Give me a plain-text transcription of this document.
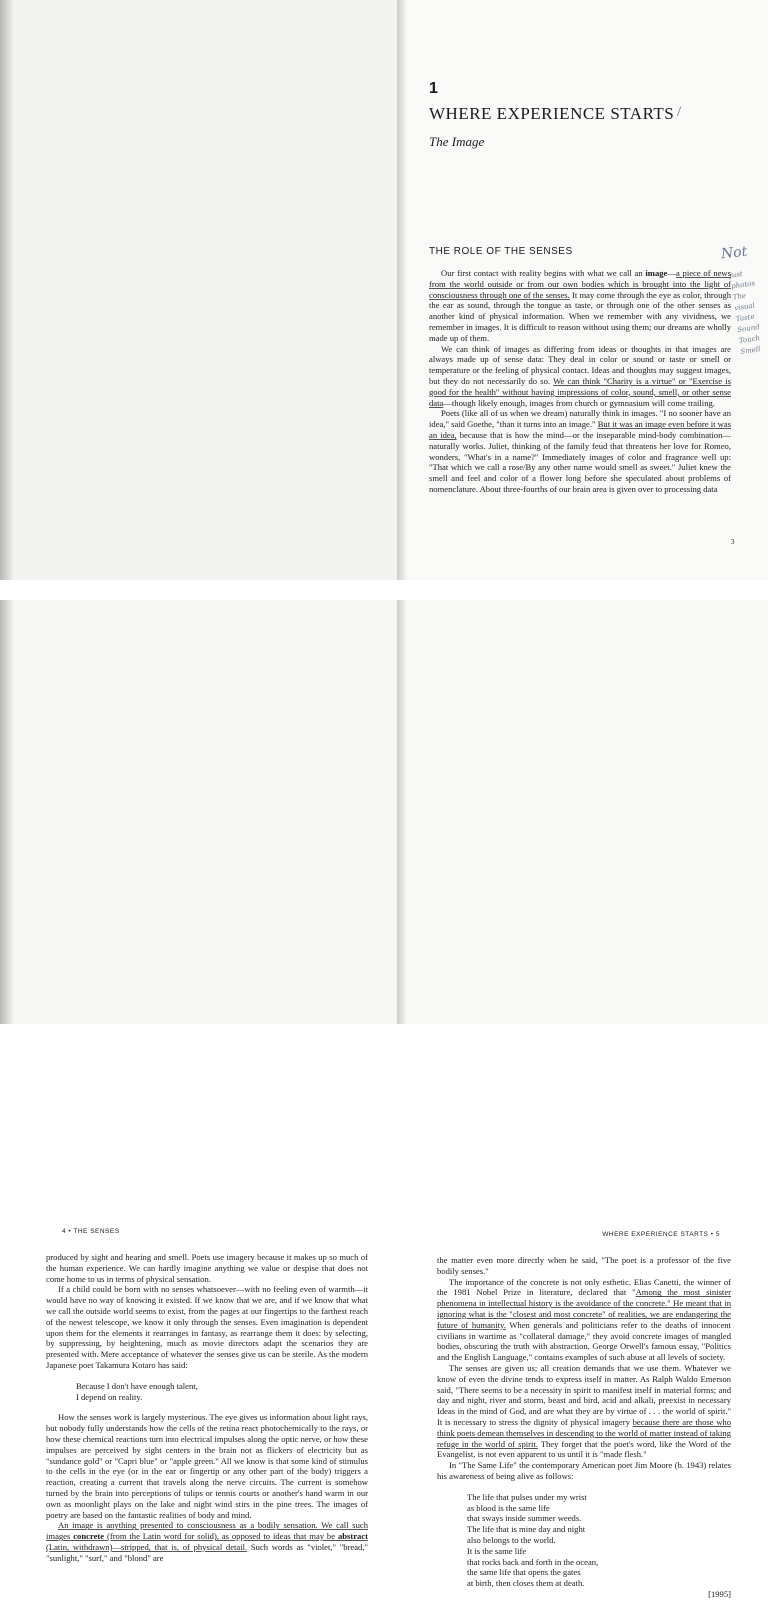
1
WHERE EXPERIENCE STARTS /
The Image
THE ROLE OF THE SENSES	Not
just
photos
The visual
Taste
Sound
Touch
Smell

Our first contact with reality begins with what we call an image—a piece of news from the world outside or from our own bodies which is brought into the light of consciousness through one of the senses. It may come through the eye as color, through the ear as sound, through the tongue as taste, or through one of the other senses as another kind of physical information. When we remember with any vividness, we remember in images. It is difficult to reason without using them; our dreams are wholly made up of them.

We can think of images as differing from ideas or thoughts in that images are always made up of sense data: They deal in color or sound or taste or smell or temperature or the feeling of physical contact. Ideas and thoughts may suggest images, but they do not necessarily do so. We can think "Charity is a virtue" or "Exercise is good for the health" without having impressions of color, sound, smell, or other sense data—though likely enough, images from church or gymnasium will come trailing.

Poets (like all of us when we dream) naturally think in images. "I no sooner have an idea," said Goethe, "than it turns into an image." But it was an image even before it was an idea, because that is how the mind—or the inseparable mind-body combination—naturally works. Juliet, thinking of the family feud that threatens her love for Romeo, wonders, "What's in a name?" Immediately images of color and fragrance well up: "That which we call a rose/By any other name would smell as sweet." Juliet knew the smell and feel and color of a flower long before she speculated about problems of nomenclature. About three-fourths of our brain area is given over to processing data

3
4 • THE SENSES

produced by sight and hearing and smell. Poets use imagery because it makes up so much of the human experience. We can hardly imagine anything we value or despise that does not come home to us in terms of physical sensation.

If a child could be born with no senses whatsoever—with no feeling even of warmth—it would have no way of knowing it existed. If we know that we are, and if we know that what we call the outside world seems to exist, from the pages at our fingertips to the farthest reach of the newest telescope, we know it only through the senses. Even imagination is dependent upon them for the elements it rearranges in fantasy, as rearrange them it does: by selecting, by suppressing, by heightening, much as movie directors adapt the scenarios they are presented with. Mere acceptance of whatever the senses give us can be sterile. As the modern Japanese poet Takamura Kotaro has said:

Because I don't have enough talent,
I depend on reality.

How the senses work is largely mysterious. The eye gives us information about light rays, but nobody fully understands how the cells of the retina react photochemically to the rays, or how these chemical reactions turn into electrical impulses along the optic nerve, or how these impulses are perceived by sight centers in the brain not as flickers of electricity but as "sundance gold" or "Capri blue" or "apple green." All we know is that some kind of stimulus to the cells in the eye (or in the ear or fingertip or any other part of the body) triggers a reaction, creating a current that travels along the nerve circuits. The current is somehow turned by the brain into perceptions of tulips or tennis courts or another's hand warm in our own as moonlight plays on the lake and night wind stirs in the pine trees. The images of poetry are based on the fantastic realities of body and mind.

An image is anything presented to consciousness as a bodily sensation. We call such images concrete (from the Latin word for solid), as opposed to ideas that may be abstract (Latin, withdrawn)—stripped, that is, of physical detail. Such words as "violet," "bread," "sunlight," "surf," and "blond" are

WHERE EXPERIENCE STARTS • 5

the matter even more directly when he said, "The poet is a professor of the five bodily senses."

The importance of the concrete is not only esthetic. Elias Canetti, the winner of the 1981 Nobel Prize in literature, declared that "Among the most sinister phenomena in intellectual history is the avoidance of the concrete." He meant that in ignoring what is the "closest and most concrete" of realities, we are endangering the future of humanity. When generals and politicians refer to the deaths of innocent civilians in wartime as "collateral damage," they avoid concrete images of mangled bodies, obscuring the truth with abstraction. George Orwell's famous essay, "Politics and the English Language," contains examples of such abuse at all levels of society.

The senses are given us; all creation demands that we use them. Whatever we know of even the divine tends to express itself in matter. As Ralph Waldo Emerson said, "There seems to be a necessity in spirit to manifest itself in material forms; and day and night, river and storm, beast and bird, acid and alkali, preexist in necessary Ideas in the mind of God, and are what they are by virtue of . . . the world of spirit." It is necessary to stress the dignity of physical imagery because there are those who think poets demean themselves in descending to the world of matter instead of taking refuge in the world of spirit. They forget that the poet's word, like the Word of the Evangelist, is not even apparent to us until it is "made flesh."

In "The Same Life" the contemporary American poet Jim Moore (b. 1943) relates his awareness of being alive as follows:

The life that pulses under my wrist
as blood is the same life
that sways inside summer weeds.
The life that is mine day and night
also belongs to the world.
It is the same life
that rocks back and forth in the ocean,
the same life that opens the gates
at birth, then closes them at death.
[1995]
